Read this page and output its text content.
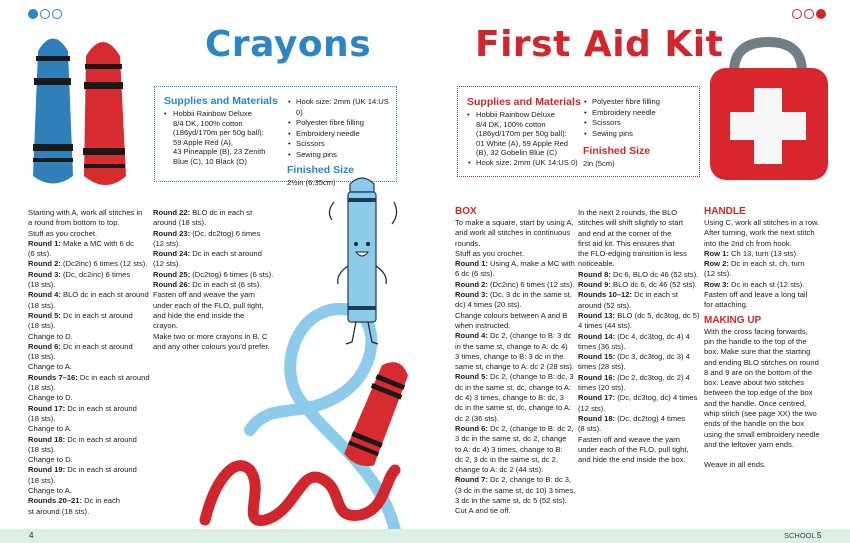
Crayons
Supplies and Materials
• Hobbii Rainbow Deluxe
8/4 DK, 100% cotton
(186yd/170m per 50g ball):
59 Apple Red (A),
43 Pineapple (B), 23 Zenith
Blue (C), 10 Black (D)
• Hook size: 2mm (UK 14:US 0)
• Polyester fibre filling
• Embroidery needle
• Scissors
• Sewing pins
Finished Size
2½in (6.35cm)
Starting with A, work all stitches in
a round from bottom to top.
Stuff as you crochet.
Round 1: Make a MC with 6 dc
(6 sts).
Round 2: (Dc2inc) 6 times (12 sts).
Round 3: (Dc, dc2inc) 6 times
(18 sts).
Round 4: BLO dc in each st around
(18 sts).
Round 5: Dc in each st around
(18 sts).
Change to D.
Round 6: Dc in each st around
(18 sts).
Change to A.
Rounds 7–16: Dc in each st around
(18 sts).
Change to D.
Round 17: Dc in each st around
(18 sts).
Change to A.
Round 18: Dc in each st around
(18 sts).
Change to D.
Round 19: Dc in each st around
(18 sts).
Change to A.
Rounds 20–21: Dc in each
st around (18 sts).
Round 22: BLO dc in each st
around (18 sts).
Round 23: (Dc, dc2tog) 6 times
(12 sts).
Round 24: Dc in each st around
(12 sts).
Round 25: (Dc2tog) 6 times (6 sts).
Round 26: Dc in each st (6 sts).
Fasten off and weave the yarn
under each of the FLO, pull tight,
and hide the end inside the
crayon.
Make two or more crayons in B, C
and any other colours you'd prefer.
First Aid Kit
Supplies and Materials
• Hobbii Rainbow Deluxe
8/4 DK, 100% cotton
(186yd/170m per 50g ball):
01 White (A), 59 Apple Red
(B), 32 Gobelin Blue (C)
• Hook size: 2mm (UK 14:US 0)
• Polyester fibre filling
• Embroidery needle
• Scissors
• Sewing pins
Finished Size
2in (5cm)
BOX
To make a square, start by using A,
and work all stitches in continuous
rounds.
Stuff as you crochet.
Round 1: Using A, make a MC with
6 dc (6 sts).
Round 2: (Dc2inc) 6 times (12 sts).
Round 3: (Dc, 3 dc in the same st,
dc) 4 times (20 sts).
Change colours between A and B
when instructed.
Round 4: Dc 2, (change to B: 3 dc
in the same st, change to A: dc 4)
3 times, change to B: 3 dc in the
same st, change to A: dc 2 (28 sts).
Round 5: Dc 2, (change to B: dc, 3
dc in the same st, dc, change to A:
dc 4) 3 times, change to B: dc, 3
dc in the same st, dc, change to A:
dc 2 (36 sts).
Round 6: Dc 2, (change to B: dc 2,
3 dc in the same st, dc 2, change
to A: dc 4) 3 times, change to B:
dc 2, 3 dc in the same st, dc 2,
change to A: dc 2 (44 sts).
Round 7: Dc 2, change to B: dc 3,
(3 dc in the same st, dc 10) 3 times,
3 dc in the same st, dc 5 (52 sts).
Cut A and tie off.
In the next 2 rounds, the BLO
stitches will shift slightly to start
and end at the corner of the
first aid kit. This ensures that
the FLO-edging transition is less
noticeable.
Round 8: Dc 6, BLO dc 46 (52 sts).
Round 9: BLO dc 6, dc 46 (52 sts).
Rounds 10–12: Dc in each st
around (52 sts).
Round 13: BLO (dc 5, dc3tog, dc 5)
4 times (44 sts).
Round 14: (Dc 4, dc3tog, dc 4) 4
times (36 sts).
Round 15: (Dc 3, dc3tog, dc 3) 4
times (28 sts).
Round 16: (Dc 2, dc3tog, dc 2) 4
times (20 sts).
Round 17: (Dc, dc3tog, dc) 4 times
(12 sts).
Round 18: (Dc, dc2tog) 4 times
(8 sts).
Fasten off and weave the yarn
under each of the FLO, pull tight,
and hide the end inside the box.
HANDLE
Using C, work all stitches in a row.
After turning, work the next stitch
into the 2nd ch from hook.
Row 1: Ch 13, turn (13 sts).
Row 2: Dc in each st, ch, turn
(12 sts).
Row 3: Dc in each st (12 sts).
Fasten off and leave a long tail
for attaching.
MAKING UP
With the cross facing forwards,
pin the handle to the top of the
box. Make sure that the starting
and ending BLO stitches on round
8 and 9 are on the bottom of the
box. Leave about two stitches
between the top edge of the box
and the handle. Once centred,
whip stitch (see page XX) the two
ends of the handle on the box
using the small embroidery needle
and the leftover yarn ends.
Weave in all ends.
4	SCHOOL 5
